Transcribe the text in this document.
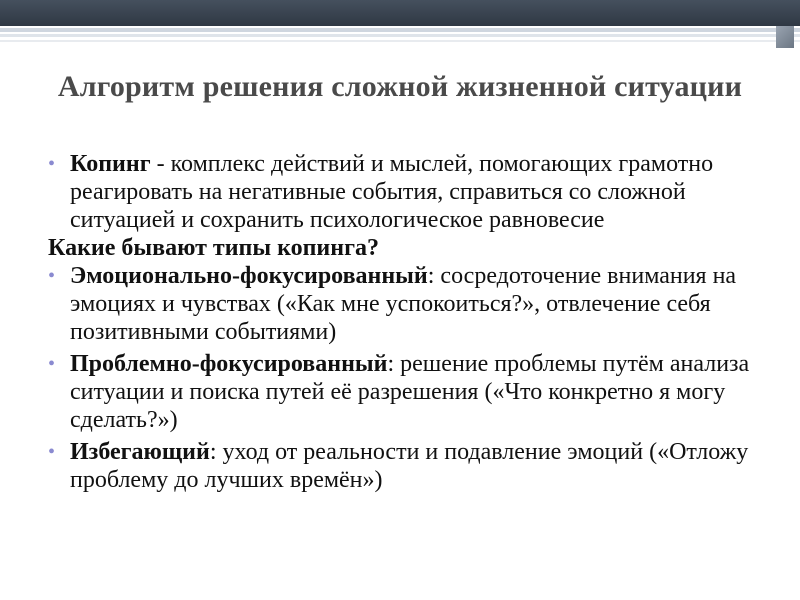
Алгоритм решения сложной жизненной ситуации

• Копинг - комплекс действий и мыслей, помогающих грамотно реагировать на негативные события, справиться со сложной ситуацией и сохранить психологическое равновесие

Какие бывают типы копинга?

• Эмоционально-фокусированный: сосредоточение внимания на эмоциях и чувствах («Как мне успокоиться?», отвлечение себя позитивными событиями)

• Проблемно-фокусированный: решение проблемы путём анализа ситуации и поиска путей её разрешения («Что конкретно я могу сделать?»)

• Избегающий: уход от реальности и подавление эмоций («Отложу проблему до лучших времён»)
